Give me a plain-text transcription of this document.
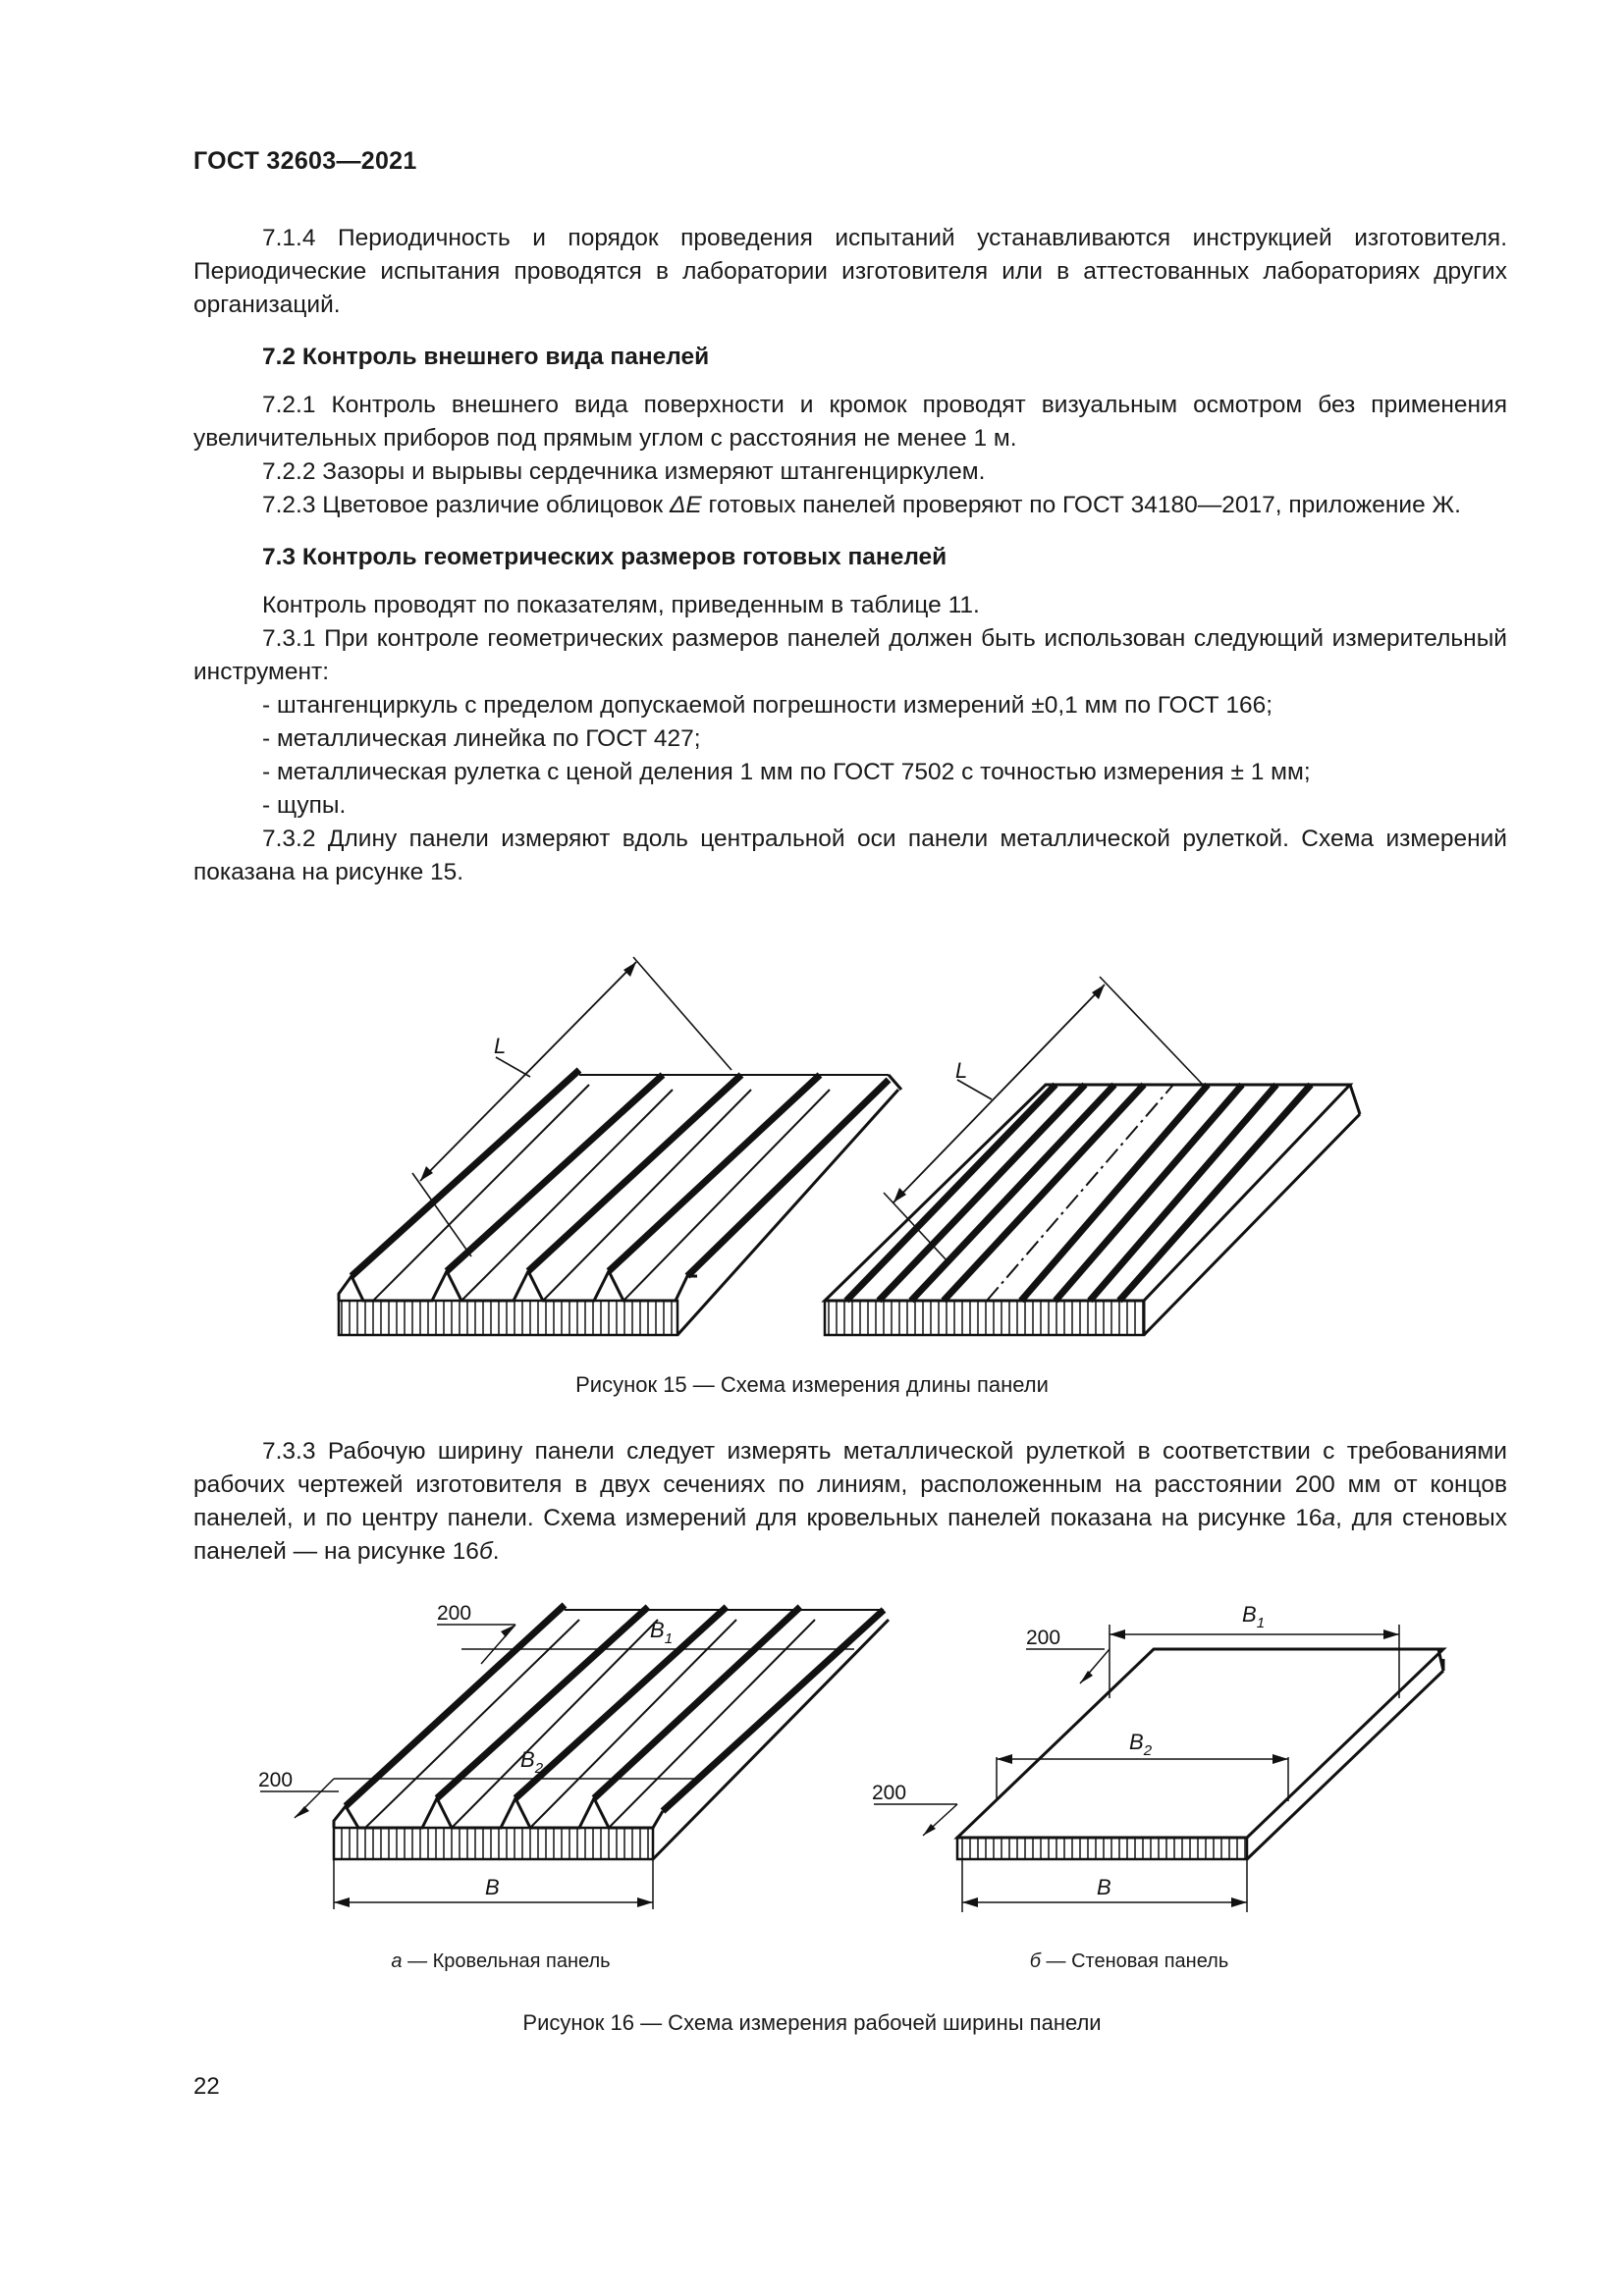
ГОСТ 32603—2021

7.1.4 Периодичность и порядок проведения испытаний устанавливаются инструкцией изготовителя. Периодические испытания проводятся в лаборатории изготовителя или в аттестованных лабораториях других организаций.

7.2 Контроль внешнего вида панелей

7.2.1 Контроль внешнего вида поверхности и кромок проводят визуальным осмотром без применения увеличительных приборов под прямым углом с расстояния не менее 1 м.

7.2.2 Зазоры и вырывы сердечника измеряют штангенциркулем.

7.2.3 Цветовое различие облицовок ΔE готовых панелей проверяют по ГОСТ 34180—2017, приложение Ж.

7.3 Контроль геометрических размеров готовых панелей

Контроль проводят по показателям, приведенным в таблице 11.

7.3.1 При контроле геометрических размеров панелей должен быть использован следующий измерительный инструмент:

- штангенциркуль с пределом допускаемой погрешности измерений ±0,1 мм по ГОСТ 166;

- металлическая линейка по ГОСТ 427;

- металлическая рулетка с ценой деления 1 мм по ГОСТ 7502 с точностью измерения ± 1 мм;

- щупы.

7.3.2 Длину панели измеряют вдоль центральной оси панели металлической рулеткой. Схема измерений показана на рисунке 15.

L
L
Рисунок 15 — Схема измерения длины панели

7.3.3 Рабочую ширину панели следует измерять металлической рулеткой в соответствии с требованиями рабочих чертежей изготовителя в двух сечениях по линиям, расположенным на расстоянии 200 мм от концов панелей, и по центру панели. Схема измерений для кровельных панелей показана на рисунке 16а, для стеновых панелей — на рисунке 16б.

200
200
$B_1$
$B_2$
B
$B_1$
$B_2$
200
200
B
а — Кровельная панель	б — Стеновая панель
Рисунок 16 — Схема измерения рабочей ширины панели
22
